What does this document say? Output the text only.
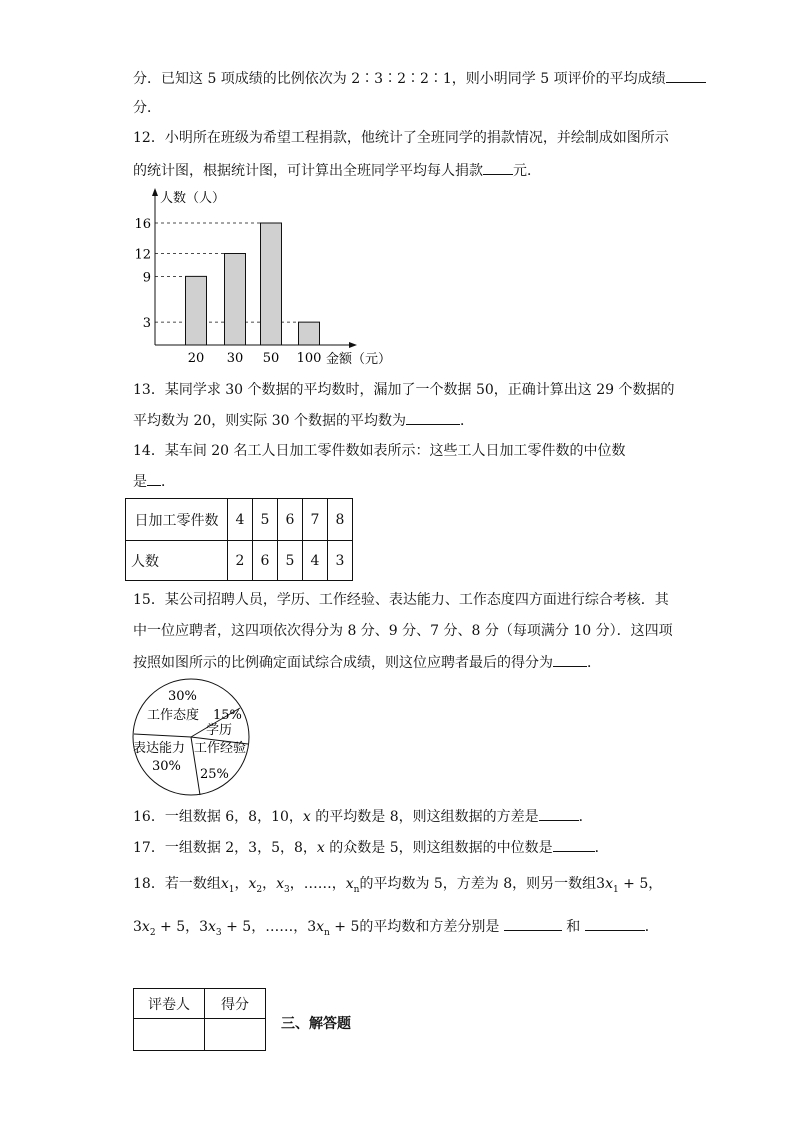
分．已知这 5 项成绩的比例依次为 2∶3∶2∶2∶1，则小明同学 5 项评价的平均成绩
分．
12．小明所在班级为希望工程捐款，他统计了全班同学的捐款情况，并绘制成如图所示
的统计图，根据统计图，可计算出全班同学平均每人捐款 元．
20 30 50 100
3
9
12
16
人数（人）
金额（元）
13．某同学求 30 个数据的平均数时，漏加了一个数据 50，正确计算出这 29 个数据的
平均数为 20，则实际 30 个数据的平均数为	．
14．某车间 20 名工人日加工零件数如表所示：这些工人日加工零件数的中位数
是 ．
日加工零件数	4	5	6	7	8
人数	2	6	5	4	3
15．某公司招聘人员，学历、工作经验、表达能力、工作态度四方面进行综合考核．其
中一位应聘者，这四项依次得分为 8 分、9 分、7 分、8 分（每项满分 10 分）．这四项
按照如图所示的比例确定面试综合成绩，则这位应聘者最后的得分为 ．
30%
工作态度 15%
学历
表达能力
30%
工作经验
25%
16．一组数据 6，8，10，x 的平均数是 8，则这组数据的方差是	．
17．一组数据 2，3，5，8，x 的众数是 5，则这组数据的中位数是	．
18．若一数组$x_1$，$x_2$，$x_3$，……，$x_n$的平均数为 5，方差为 8，则另一数组$3x_1 + 5$，
$3x_2 + 5$，$3x_3 + 5$，……，$3x_n + 5$的平均数和方差分别是	和	．
评卷人	得分

三、解答题
